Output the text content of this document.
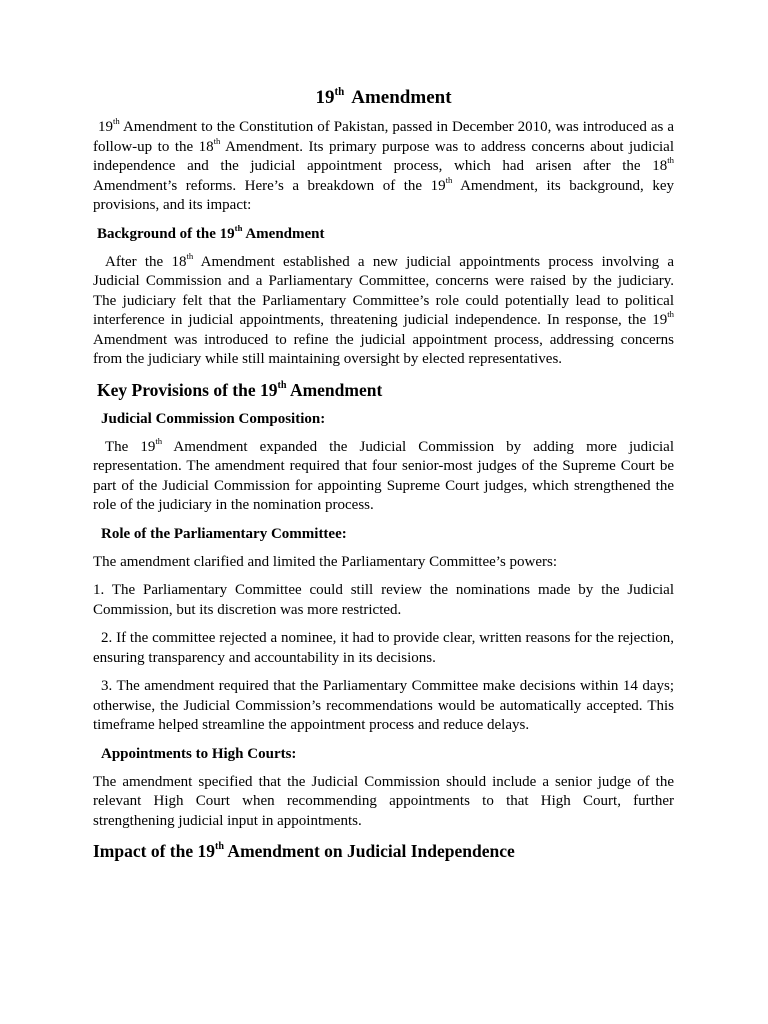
19th Amendment

19th Amendment to the Constitution of Pakistan, passed in December 2010, was introduced as a follow-up to the 18th Amendment. Its primary purpose was to address concerns about judicial independence and the judicial appointment process, which had arisen after the 18th Amendment’s reforms. Here’s a breakdown of the 19th Amendment, its background, key provisions, and its impact:

Background of the 19th Amendment

After the 18th Amendment established a new judicial appointments process involving a Judicial Commission and a Parliamentary Committee, concerns were raised by the judiciary. The judiciary felt that the Parliamentary Committee’s role could potentially lead to political interference in judicial appointments, threatening judicial independence. In response, the 19th Amendment was introduced to refine the judicial appointment process, addressing concerns from the judiciary while still maintaining oversight by elected representatives.

Key Provisions of the 19th Amendment
Judicial Commission Composition:

The 19th Amendment expanded the Judicial Commission by adding more judicial representation. The amendment required that four senior-most judges of the Supreme Court be part of the Judicial Commission for appointing Supreme Court judges, which strengthened the role of the judiciary in the nomination process.

Role of the Parliamentary Committee:

The amendment clarified and limited the Parliamentary Committee’s powers:

1. The Parliamentary Committee could still review the nominations made by the Judicial Commission, but its discretion was more restricted.

2. If the committee rejected a nominee, it had to provide clear, written reasons for the rejection, ensuring transparency and accountability in its decisions.

3. The amendment required that the Parliamentary Committee make decisions within 14 days; otherwise, the Judicial Commission’s recommendations would be automatically accepted. This timeframe helped streamline the appointment process and reduce delays.

Appointments to High Courts:

The amendment specified that the Judicial Commission should include a senior judge of the relevant High Court when recommending appointments to that High Court, further strengthening judicial input in appointments.

Impact of the 19th Amendment on Judicial Independence
